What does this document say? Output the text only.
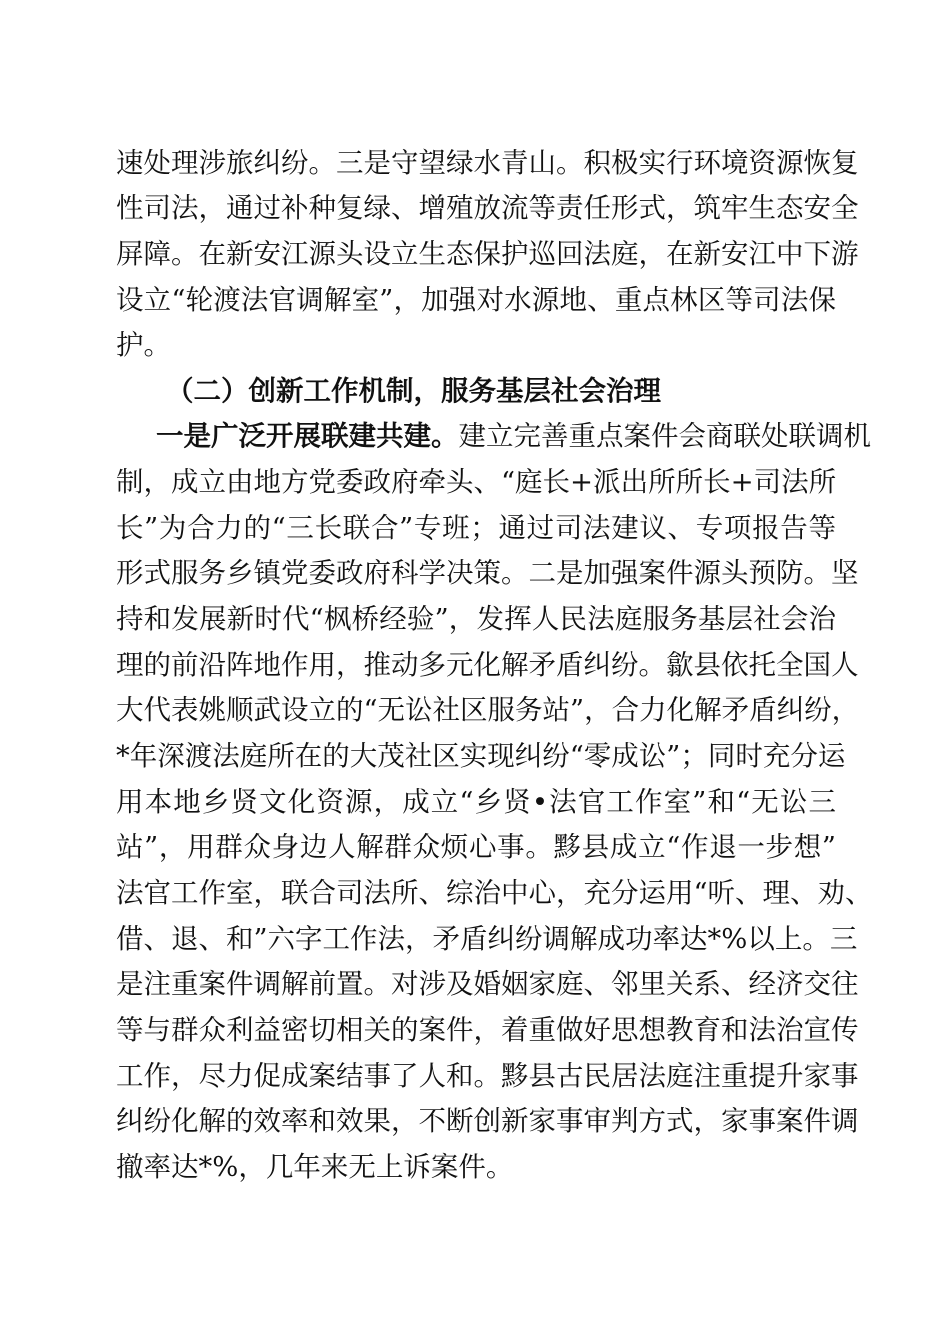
速处理涉旅纠纷。三是守望绿水青山。积极实行环境资源恢复
性司法，通过补种复绿、增殖放流等责任形式，筑牢生态安全
屏障。在新安江源头设立生态保护巡回法庭，在新安江中下游
设立“轮渡法官调解室”，加强对水源地、重点林区等司法保
护。
（二）创新工作机制，服务基层社会治理
一是广泛开展联建共建。建立完善重点案件会商联处联调机
制，成立由地方党委政府牵头、“庭长+派出所所长+司法所
长”为合力的“三长联合”专班；通过司法建议、专项报告等
形式服务乡镇党委政府科学决策。二是加强案件源头预防。坚
持和发展新时代“枫桥经验”，发挥人民法庭服务基层社会治
理的前沿阵地作用，推动多元化解矛盾纠纷。歙县依托全国人
大代表姚顺武设立的“无讼社区服务站”，合力化解矛盾纠纷，
*年深渡法庭所在的大茂社区实现纠纷“零成讼”；同时充分运
用本地乡贤文化资源，成立“乡贤•法官工作室”和“无讼三
站”，用群众身边人解群众烦心事。黟县成立“作退一步想”
法官工作室，联合司法所、综治中心，充分运用“听、理、劝、
借、退、和”六字工作法，矛盾纠纷调解成功率达*%以上。三
是注重案件调解前置。对涉及婚姻家庭、邻里关系、经济交往
等与群众利益密切相关的案件，着重做好思想教育和法治宣传
工作，尽力促成案结事了人和。黟县古民居法庭注重提升家事
纠纷化解的效率和效果，不断创新家事审判方式，家事案件调
撤率达*%，几年来无上诉案件。
